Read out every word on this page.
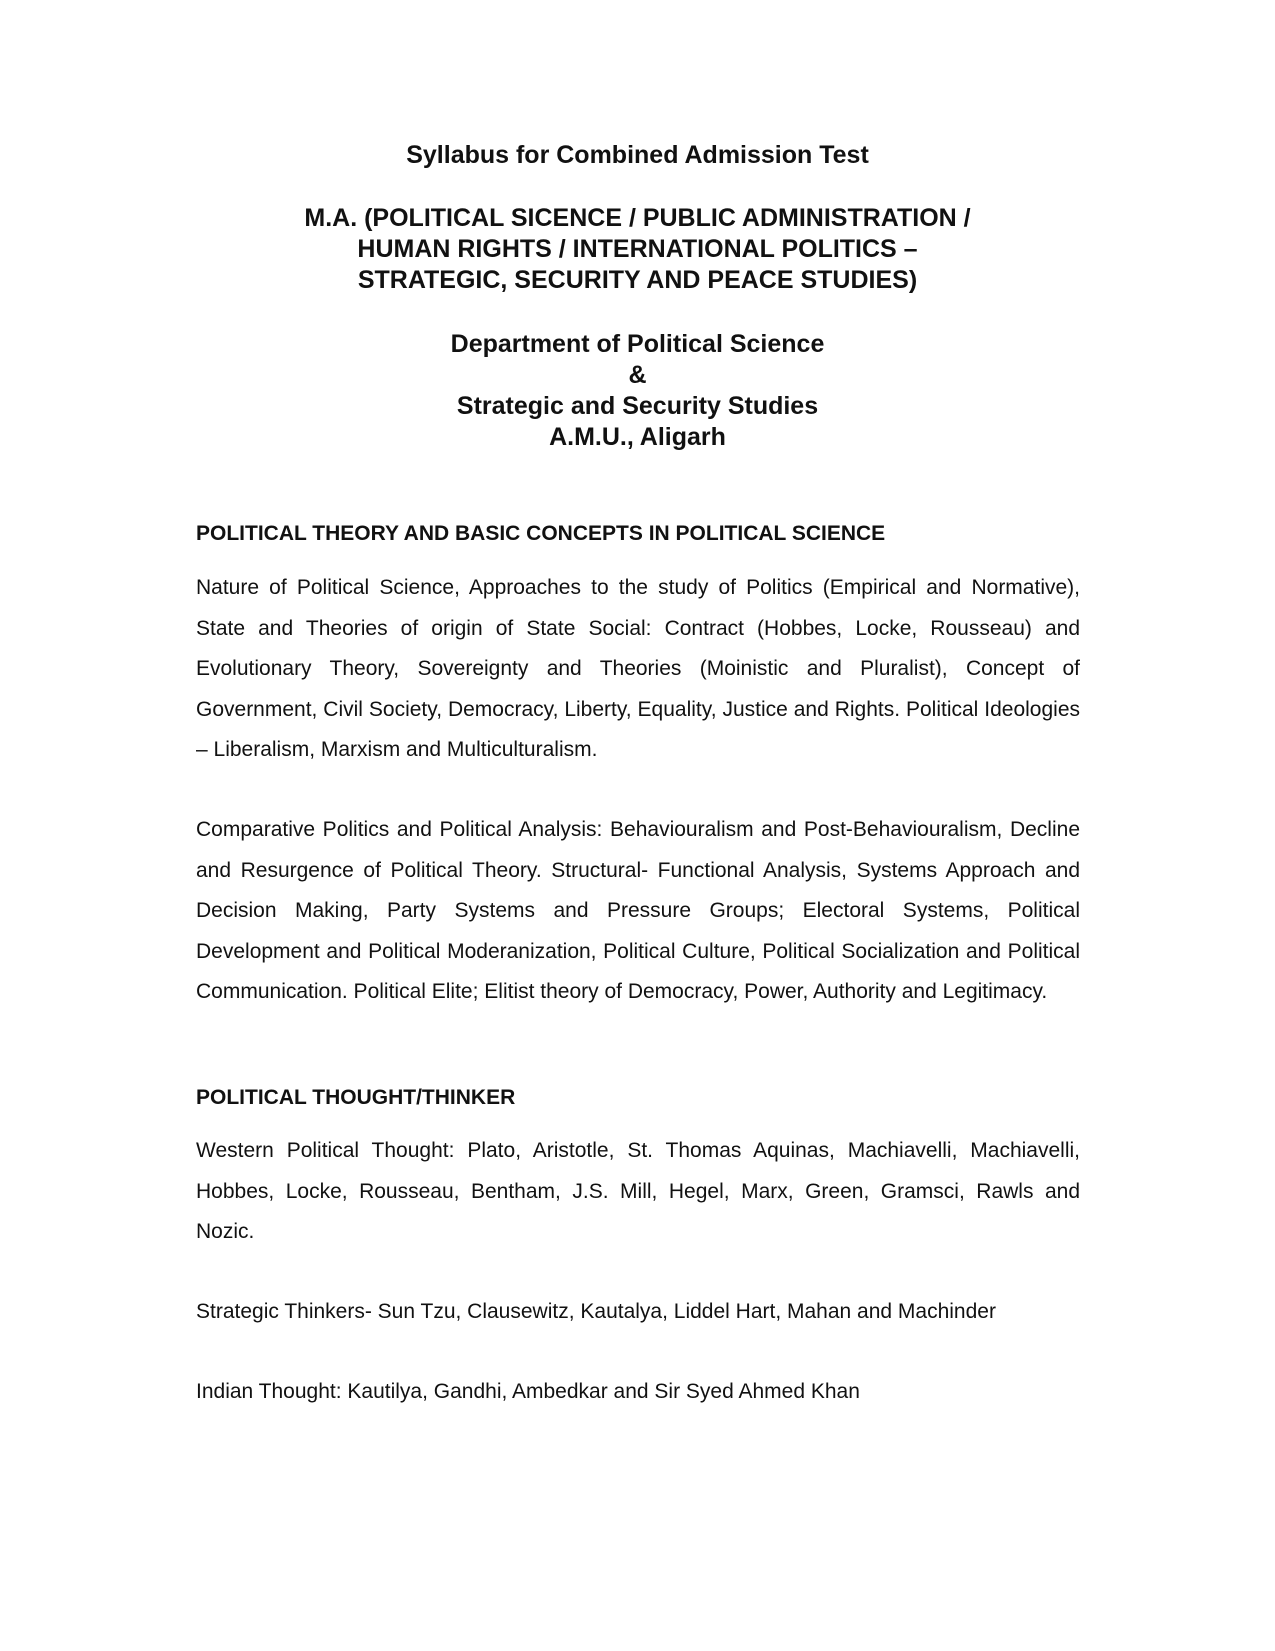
Syllabus for Combined Admission Test
M.A. (POLITICAL SICENCE / PUBLIC ADMINISTRATION /
HUMAN RIGHTS / INTERNATIONAL POLITICS –
STRATEGIC, SECURITY AND PEACE STUDIES)
Department of Political Science
&
Strategic and Security Studies
A.M.U., Aligarh
POLITICAL THEORY AND BASIC CONCEPTS IN POLITICAL SCIENCE

Nature of Political Science, Approaches to the study of Politics (Empirical and Normative), State and Theories of origin of State Social: Contract (Hobbes, Locke, Rousseau) and Evolutionary Theory, Sovereignty and Theories (Moinistic and Pluralist), Concept of Government, Civil Society, Democracy, Liberty, Equality, Justice and Rights. Political Ideologies – Liberalism, Marxism and Multiculturalism.

Comparative Politics and Political Analysis: Behaviouralism and Post-Behaviouralism, Decline and Resurgence of Political Theory. Structural- Functional Analysis, Systems Approach and Decision Making, Party Systems and Pressure Groups; Electoral Systems, Political Development and Political Moderanization, Political Culture, Political Socialization and Political Communication. Political Elite; Elitist theory of Democracy, Power, Authority and Legitimacy.

POLITICAL THOUGHT/THINKER

Western Political Thought: Plato, Aristotle, St. Thomas Aquinas, Machiavelli, Machiavelli, Hobbes, Locke, Rousseau, Bentham, J.S. Mill, Hegel, Marx, Green, Gramsci, Rawls and Nozic.

Strategic Thinkers- Sun Tzu, Clausewitz, Kautalya, Liddel Hart, Mahan and Machinder

Indian Thought: Kautilya, Gandhi, Ambedkar and Sir Syed Ahmed Khan
